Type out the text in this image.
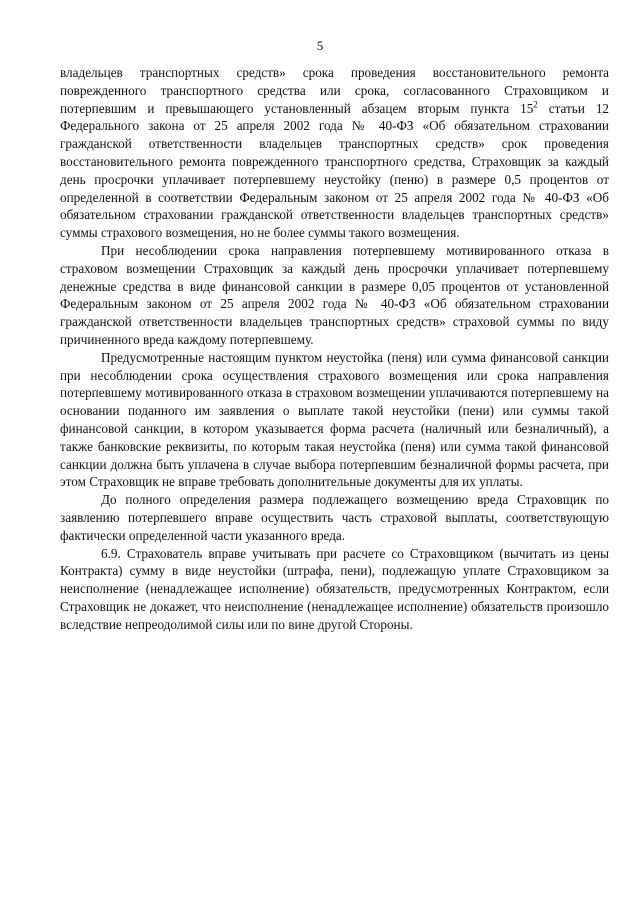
5

владельцев транспортных средств» срока проведения восстановительного ремонта поврежденного транспортного средства или срока, согласованного Страховщиком и потерпевшим и превышающего установленный абзацем вторым пункта $15^2$ статьи 12 Федерального закона от 25 апреля 2002 года № 40-ФЗ «Об обязательном страховании гражданской ответственности владельцев транспортных средств» срок проведения восстановительного ремонта поврежденного транспортного средства, Страховщик за каждый день просрочки уплачивает потерпевшему неустойку (пеню) в размере 0,5 процентов от определенной в соответствии Федеральным законом от 25 апреля 2002 года № 40-ФЗ «Об обязательном страховании гражданской ответственности владельцев транспортных средств» суммы страхового возмещения, но не более суммы такого возмещения.

При несоблюдении срока направления потерпевшему мотивированного отказа в страховом возмещении Страховщик за каждый день просрочки уплачивает потерпевшему денежные средства в виде финансовой санкции в размере 0,05 процентов от установленной Федеральным законом от 25 апреля 2002 года № 40-ФЗ «Об обязательном страховании гражданской ответственности владельцев транспортных средств» страховой суммы по виду причиненного вреда каждому потерпевшему.

Предусмотренные настоящим пунктом неустойка (пеня) или сумма финансовой санкции при несоблюдении срока осуществления страхового возмещения или срока направления потерпевшему мотивированного отказа в страховом возмещении уплачиваются потерпевшему на основании поданного им заявления о выплате такой неустойки (пени) или суммы такой финансовой санкции, в котором указывается форма расчета (наличный или безналичный), а также банковские реквизиты, по которым такая неустойка (пеня) или сумма такой финансовой санкции должна быть уплачена в случае выбора потерпевшим безналичной формы расчета, при этом Страховщик не вправе требовать дополнительные документы для их уплаты.

До полного определения размера подлежащего возмещению вреда Страховщик по заявлению потерпевшего вправе осуществить часть страховой выплаты, соответствующую фактически определенной части указанного вреда.

6.9. Страхователь вправе учитывать при расчете со Страховщиком (вычитать из цены Контракта) сумму в виде неустойки (штрафа, пени), подлежащую уплате Страховщиком за неисполнение (ненадлежащее исполнение) обязательств, предусмотренных Контрактом, если Страховщик не докажет, что неисполнение (ненадлежащее исполнение) обязательств произошло вследствие непреодолимой силы или по вине другой Стороны.
